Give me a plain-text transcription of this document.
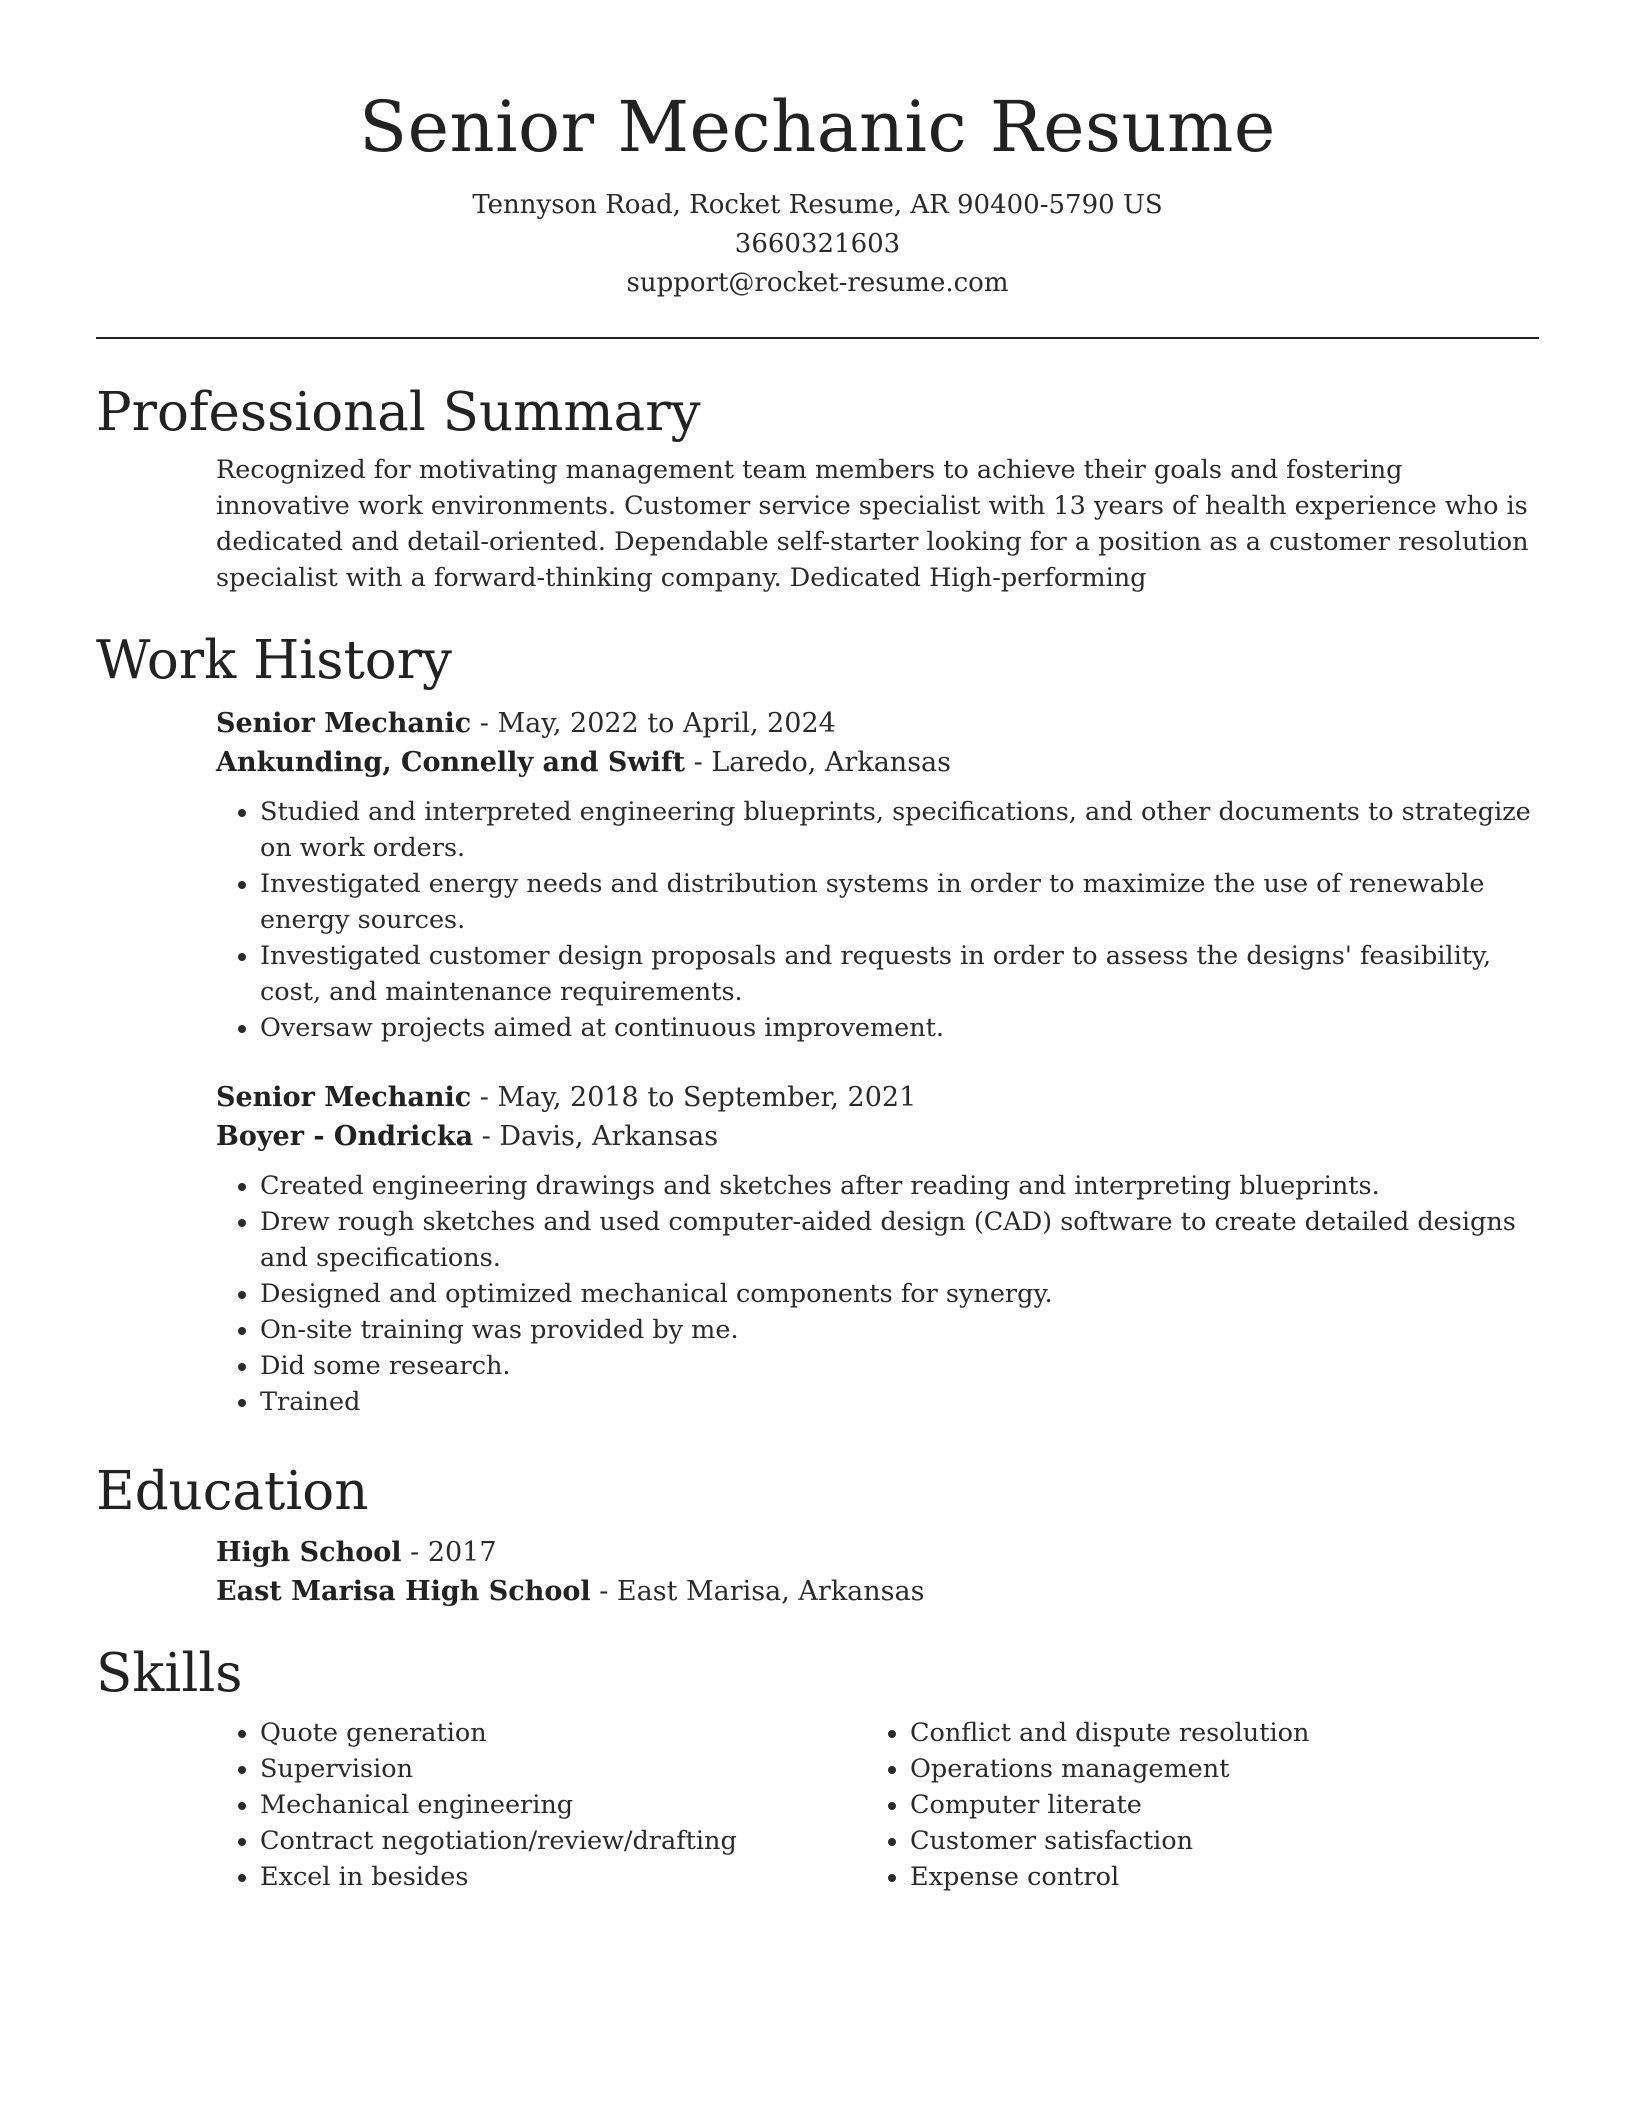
Senior Mechanic Resume
Tennyson Road, Rocket Resume, AR 90400-5790 US
3660321603
support@rocket-resume.com
Professional Summary

Recognized for motivating management team members to achieve their goals and fostering innovative work environments. Customer service specialist with 13 years of health experience who is dedicated and detail-oriented. Dependable self-starter looking for a position as a customer resolution specialist with a forward-thinking company. Dedicated High-performing

Work History
Senior Mechanic - May, 2022 to April, 2024
Ankunding, Connelly and Swift - Laredo, Arkansas
• Studied and interpreted engineering blueprints, specifications, and other documents to strategize on work orders.
• Investigated energy needs and distribution systems in order to maximize the use of renewable energy sources.
• Investigated customer design proposals and requests in order to assess the designs' feasibility, cost, and maintenance requirements.
• Oversaw projects aimed at continuous improvement.
Senior Mechanic - May, 2018 to September, 2021
Boyer - Ondricka - Davis, Arkansas
• Created engineering drawings and sketches after reading and interpreting blueprints.
• Drew rough sketches and used computer-aided design (CAD) software to create detailed designs and specifications.
• Designed and optimized mechanical components for synergy.
• On-site training was provided by me.
• Did some research.
• Trained
Education
High School - 2017
East Marisa High School - East Marisa, Arkansas
Skills
• Quote generation
• Supervision
• Mechanical engineering
• Contract negotiation/review/drafting
• Excel in besides
• Conflict and dispute resolution
• Operations management
• Computer literate
• Customer satisfaction
• Expense control
